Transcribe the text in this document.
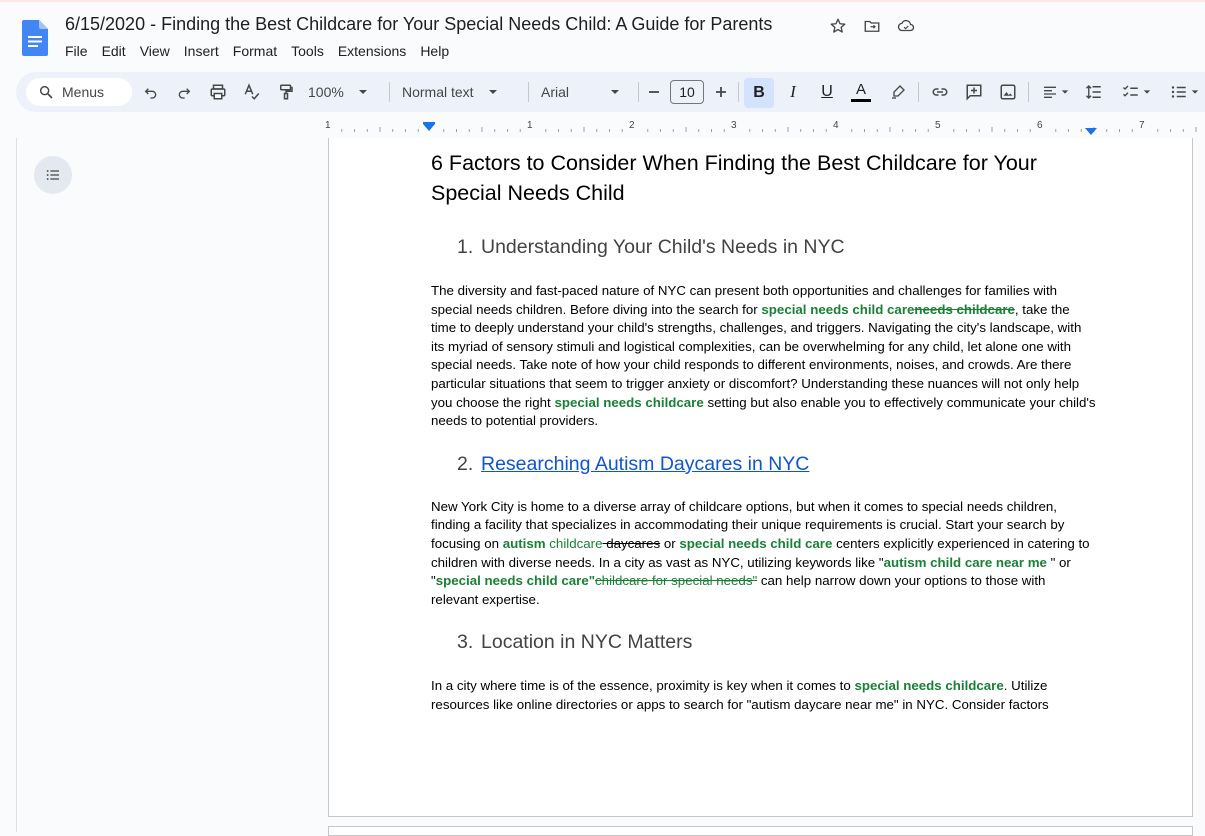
6/15/2020 - Finding the Best Childcare for Your Special Needs Child: A Guide for Parents
File	Edit	View	Insert	Format	Tools	Extensions	Help
Menus	100%	Normal text	Arial	10	B	I	U	A
1	1	2	3	4	5	6	7
6 Factors to Consider When Finding the Best Childcare for Your Special Needs Child
1. Understanding Your Child's Needs in NYC

The diversity and fast-paced nature of NYC can present both opportunities and challenges for families with special needs children. Before diving into the search for special needs child careneeds childcare, take the time to deeply understand your child's strengths, challenges, and triggers. Navigating the city's landscape, with its myriad of sensory stimuli and logistical complexities, can be overwhelming for any child, let alone one with special needs. Take note of how your child responds to different environments, noises, and crowds. Are there particular situations that seem to trigger anxiety or discomfort? Understanding these nuances will not only help you choose the right special needs childcare setting but also enable you to effectively communicate your child's needs to potential providers.

2. Researching Autism Daycares in NYC

New York City is home to a diverse array of childcare options, but when it comes to special needs children, finding a facility that specializes in accommodating their unique requirements is crucial. Start your search by focusing on autism childcare daycares or special needs child care centers explicitly experienced in catering to children with diverse needs. In a city as vast as NYC, utilizing keywords like "autism child care near me " or "special needs child care"childcare for special needs" can help narrow down your options to those with relevant expertise.

3. Location in NYC Matters

In a city where time is of the essence, proximity is key when it comes to special needs childcare. Utilize resources like online directories or apps to search for "autism daycare near me" in NYC. Consider factors
